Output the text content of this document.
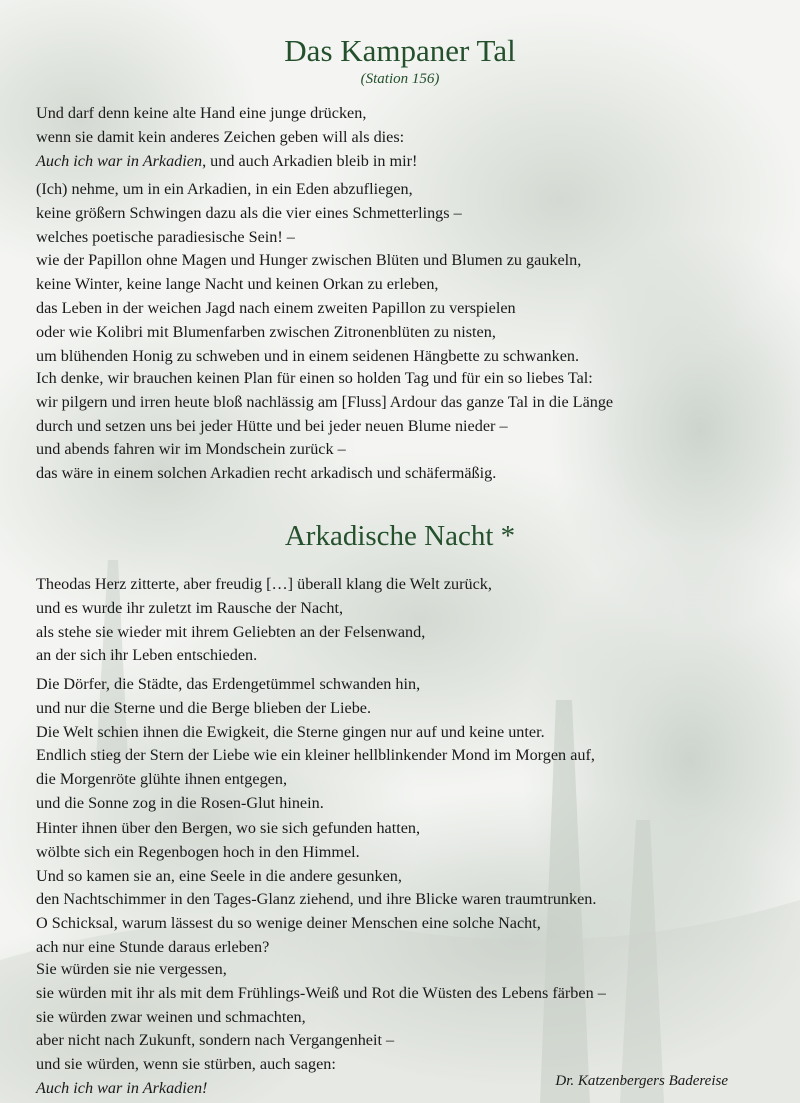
Das Kampaner Tal
(Station 156)
Und darf denn keine alte Hand eine junge drücken,
wenn sie damit kein anderes Zeichen geben will als dies:
Auch ich war in Arkadien, und auch Arkadien bleib in mir!
(Ich) nehme, um in ein Arkadien, in ein Eden abzufliegen,
keine größern Schwingen dazu als die vier eines Schmetterlings –
welches poetische paradiesische Sein! –
wie der Papillon ohne Magen und Hunger zwischen Blüten und Blumen zu gaukeln,
keine Winter, keine lange Nacht und keinen Orkan zu erleben,
das Leben in der weichen Jagd nach einem zweiten Papillon zu verspielen
oder wie Kolibri mit Blumenfarben zwischen Zitronenblüten zu nisten,
um blühenden Honig zu schweben und in einem seidenen Hängbette zu schwanken.
Ich denke, wir brauchen keinen Plan für einen so holden Tag und für ein so liebes Tal:
wir pilgern und irren heute bloß nachlässig am [Fluss] Ardour das ganze Tal in die Länge
durch und setzen uns bei jeder Hütte und bei jeder neuen Blume nieder –
und abends fahren wir im Mondschein zurück –
das wäre in einem solchen Arkadien recht arkadisch und schäfermäßig.
Arkadische Nacht *
Theodas Herz zitterte, aber freudig […] überall klang die Welt zurück,
und es wurde ihr zuletzt im Rausche der Nacht,
als stehe sie wieder mit ihrem Geliebten an der Felsenwand,
an der sich ihr Leben entschieden.
Die Dörfer, die Städte, das Erdengetümmel schwanden hin,
und nur die Sterne und die Berge blieben der Liebe.
Die Welt schien ihnen die Ewigkeit, die Sterne gingen nur auf und keine unter.
Endlich stieg der Stern der Liebe wie ein kleiner hellblinkender Mond im Morgen auf,
die Morgenröte glühte ihnen entgegen,
und die Sonne zog in die Rosen-Glut hinein.
Hinter ihnen über den Bergen, wo sie sich gefunden hatten,
wölbte sich ein Regenbogen hoch in den Himmel.
Und so kamen sie an, eine Seele in die andere gesunken,
den Nachtschimmer in den Tages-Glanz ziehend, und ihre Blicke waren traumtrunken.
O Schicksal, warum lässest du so wenige deiner Menschen eine solche Nacht,
ach nur eine Stunde daraus erleben?
Sie würden sie nie vergessen,
sie würden mit ihr als mit dem Frühlings-Weiß und Rot die Wüsten des Lebens färben –
sie würden zwar weinen und schmachten,
aber nicht nach Zukunft, sondern nach Vergangenheit –
und sie würden, wenn sie stürben, auch sagen:
Auch ich war in Arkadien!	Dr. Katzenbergers Badereise
